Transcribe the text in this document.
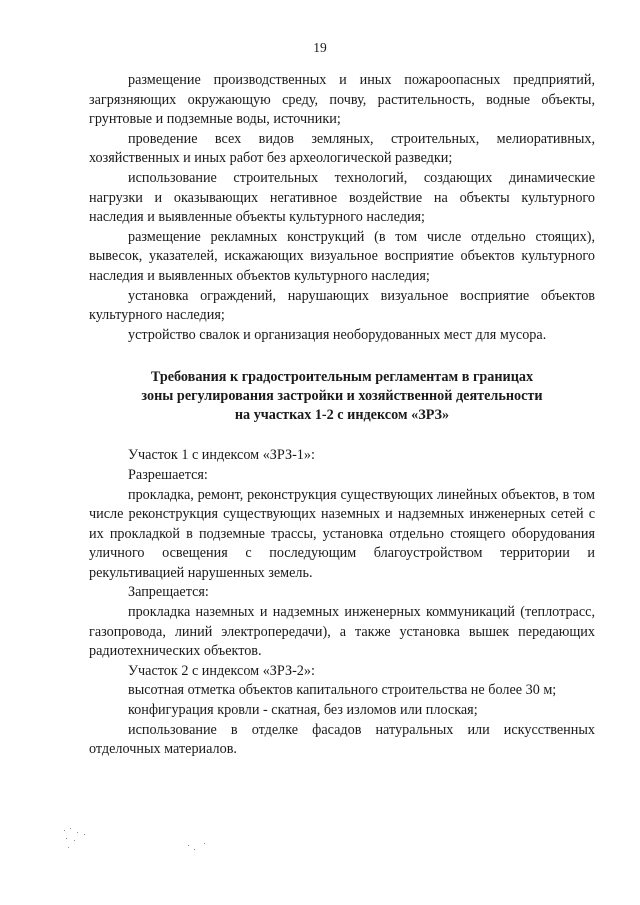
19

размещение производственных и иных пожароопасных предприятий, загрязняющих окружающую среду, почву, растительность, водные объекты, грунтовые и подземные воды, источники;

проведение всех видов земляных, строительных, мелиоративных, хозяйственных и иных работ без археологической разведки;

использование строительных технологий, создающих динамические нагрузки и оказывающих негативное воздействие на объекты культурного наследия и выявленные объекты культурного наследия;

размещение рекламных конструкций (в том числе отдельно стоящих), вывесок, указателей, искажающих визуальное восприятие объектов культурного наследия и выявленных объектов культурного наследия;

установка ограждений, нарушающих визуальное восприятие объектов культурного наследия;

устройство свалок и организация необорудованных мест для мусора.

Требования к градостроительным регламентам в границах
зоны регулирования застройки и хозяйственной деятельности
на участках 1-2 с индексом «ЗРЗ»

Участок 1 с индексом «ЗРЗ-1»:

Разрешается:

прокладка, ремонт, реконструкция существующих линейных объектов, в том числе реконструкция существующих наземных и надземных инженерных сетей с их прокладкой в подземные трассы, установка отдельно стоящего оборудования уличного освещения с последующим благоустройством территории и рекультивацией нарушенных земель.

Запрещается:

прокладка наземных и надземных инженерных коммуникаций (теплотрасс, газопровода, линий электропередачи), а также установка вышек передающих радиотехнических объектов.

Участок 2 с индексом «ЗРЗ-2»:

высотная отметка объектов капитального строительства не более 30 м;

конфигурация кровли - скатная, без изломов или плоская;

использование в отделке фасадов натуральных или искусственных отделочных материалов.
